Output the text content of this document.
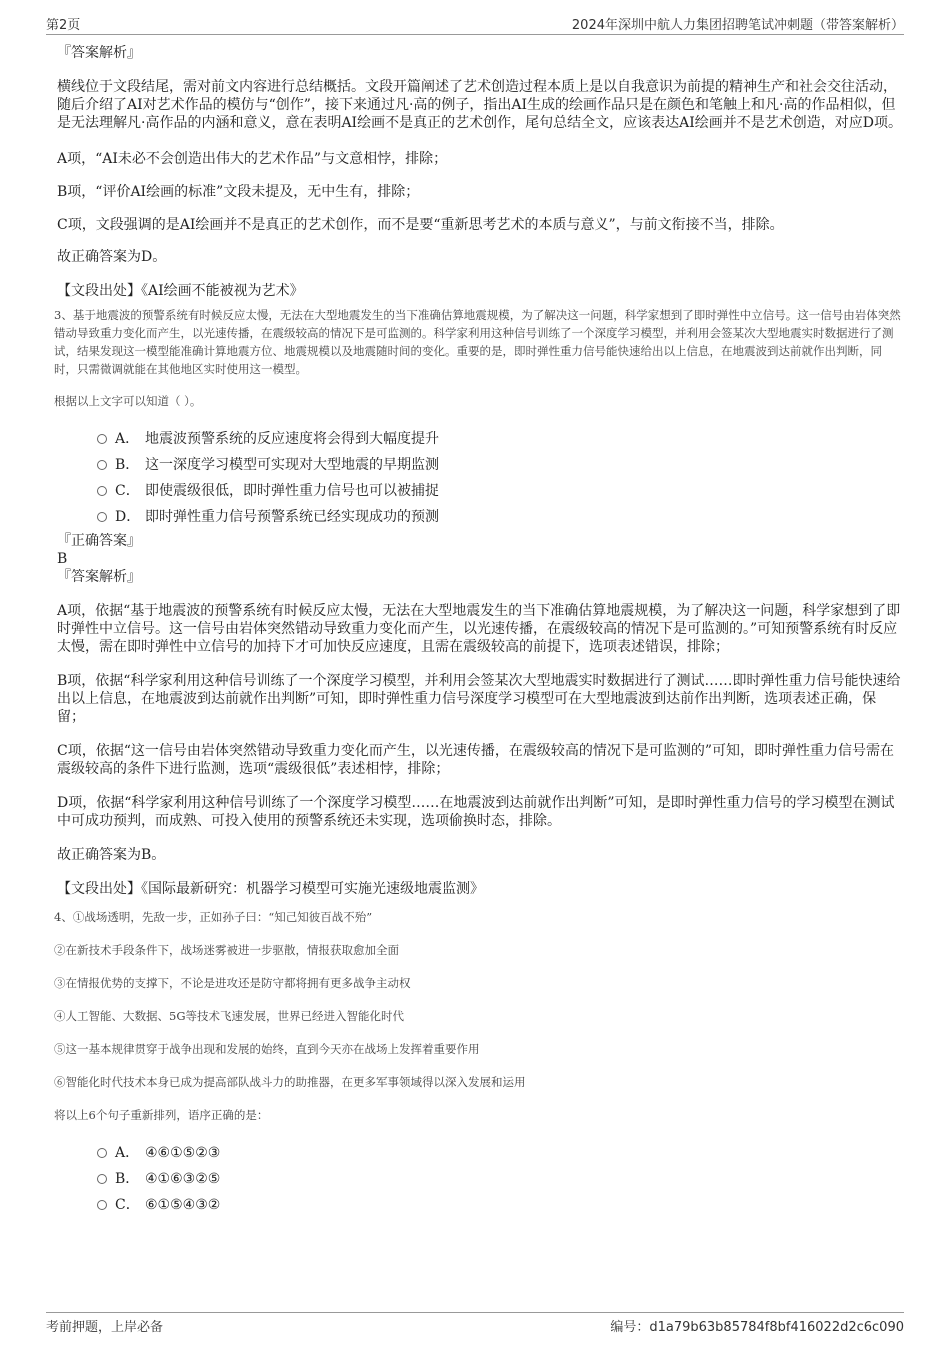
第2页	2024年深圳中航人力集团招聘笔试冲刺题（带答案解析）

『答案解析』

横线位于文段结尾，需对前文内容进行总结概括。文段开篇阐述了艺术创造过程本质上是以自我意识为前提的精神生产和社会交往活动，随后介绍了AI对艺术作品的模仿与“创作”，接下来通过凡·高的例子，指出AI生成的绘画作品只是在颜色和笔触上和凡·高的作品相似，但是无法理解凡·高作品的内涵和意义，意在表明AI绘画不是真正的艺术创作，尾句总结全文，应该表达AI绘画并不是艺术创造，对应D项。

A项，“AI未必不会创造出伟大的艺术作品”与文意相悖，排除；

B项，“评价AI绘画的标准”文段未提及，无中生有，排除；

C项，文段强调的是AI绘画并不是真正的艺术创作，而不是要“重新思考艺术的本质与意义”，与前文衔接不当，排除。

故正确答案为D。

【文段出处】《AI绘画不能被视为艺术》

3、基于地震波的预警系统有时候反应太慢，无法在大型地震发生的当下准确估算地震规模，为了解决这一问题，科学家想到了即时弹性中立信号。这一信号由岩体突然错动导致重力变化而产生，以光速传播，在震级较高的情况下是可监测的。科学家利用这种信号训练了一个深度学习模型，并利用会签某次大型地震实时数据进行了测试，结果发现这一模型能准确计算地震方位、地震规模以及地震随时间的变化。重要的是，即时弹性重力信号能快速给出以上信息，在地震波到达前就作出判断，同时，只需微调就能在其他地区实时使用这一模型。

根据以上文字可以知道（ ）。

A． 地震波预警系统的反应速度将会得到大幅度提升
B． 这一深度学习模型可实现对大型地震的早期监测
C． 即使震级很低，即时弹性重力信号也可以被捕捉
D． 即时弹性重力信号预警系统已经实现成功的预测

『正确答案』

B

『答案解析』

A项，依据“基于地震波的预警系统有时候反应太慢，无法在大型地震发生的当下准确估算地震规模，为了解决这一问题，科学家想到了即时弹性中立信号。这一信号由岩体突然错动导致重力变化而产生，以光速传播，在震级较高的情况下是可监测的。”可知预警系统有时反应太慢，需在即时弹性中立信号的加持下才可加快反应速度，且需在震级较高的前提下，选项表述错误，排除；

B项，依据“科学家利用这种信号训练了一个深度学习模型，并利用会签某次大型地震实时数据进行了测试……即时弹性重力信号能快速给出以上信息，在地震波到达前就作出判断”可知，即时弹性重力信号深度学习模型可在大型地震波到达前作出判断，选项表述正确，保留；

C项，依据“这一信号由岩体突然错动导致重力变化而产生，以光速传播，在震级较高的情况下是可监测的”可知，即时弹性重力信号需在震级较高的条件下进行监测，选项“震级很低”表述相悖，排除；

D项，依据“科学家利用这种信号训练了一个深度学习模型……在地震波到达前就作出判断”可知，是即时弹性重力信号的学习模型在测试中可成功预判，而成熟、可投入使用的预警系统还未实现，选项偷换时态，排除。

故正确答案为B。

【文段出处】《国际最新研究：机器学习模型可实施光速级地震监测》

4、①战场透明，先敌一步，正如孙子曰：“知己知彼百战不殆”

②在新技术手段条件下，战场迷雾被进一步驱散，情报获取愈加全面

③在情报优势的支撑下，不论是进攻还是防守都将拥有更多战争主动权

④人工智能、大数据、5G等技术飞速发展，世界已经进入智能化时代

⑤这一基本规律贯穿于战争出现和发展的始终，直到今天亦在战场上发挥着重要作用

⑥智能化时代技术本身已成为提高部队战斗力的助推器，在更多军事领域得以深入发展和运用

将以上6个句子重新排列，语序正确的是：

A． ④⑥①⑤②③
B． ④①⑥③②⑤
C． ⑥①⑤④③②
考前押题，上岸必备	编号：d1a79b63b85784f8bf416022d2c6c090
